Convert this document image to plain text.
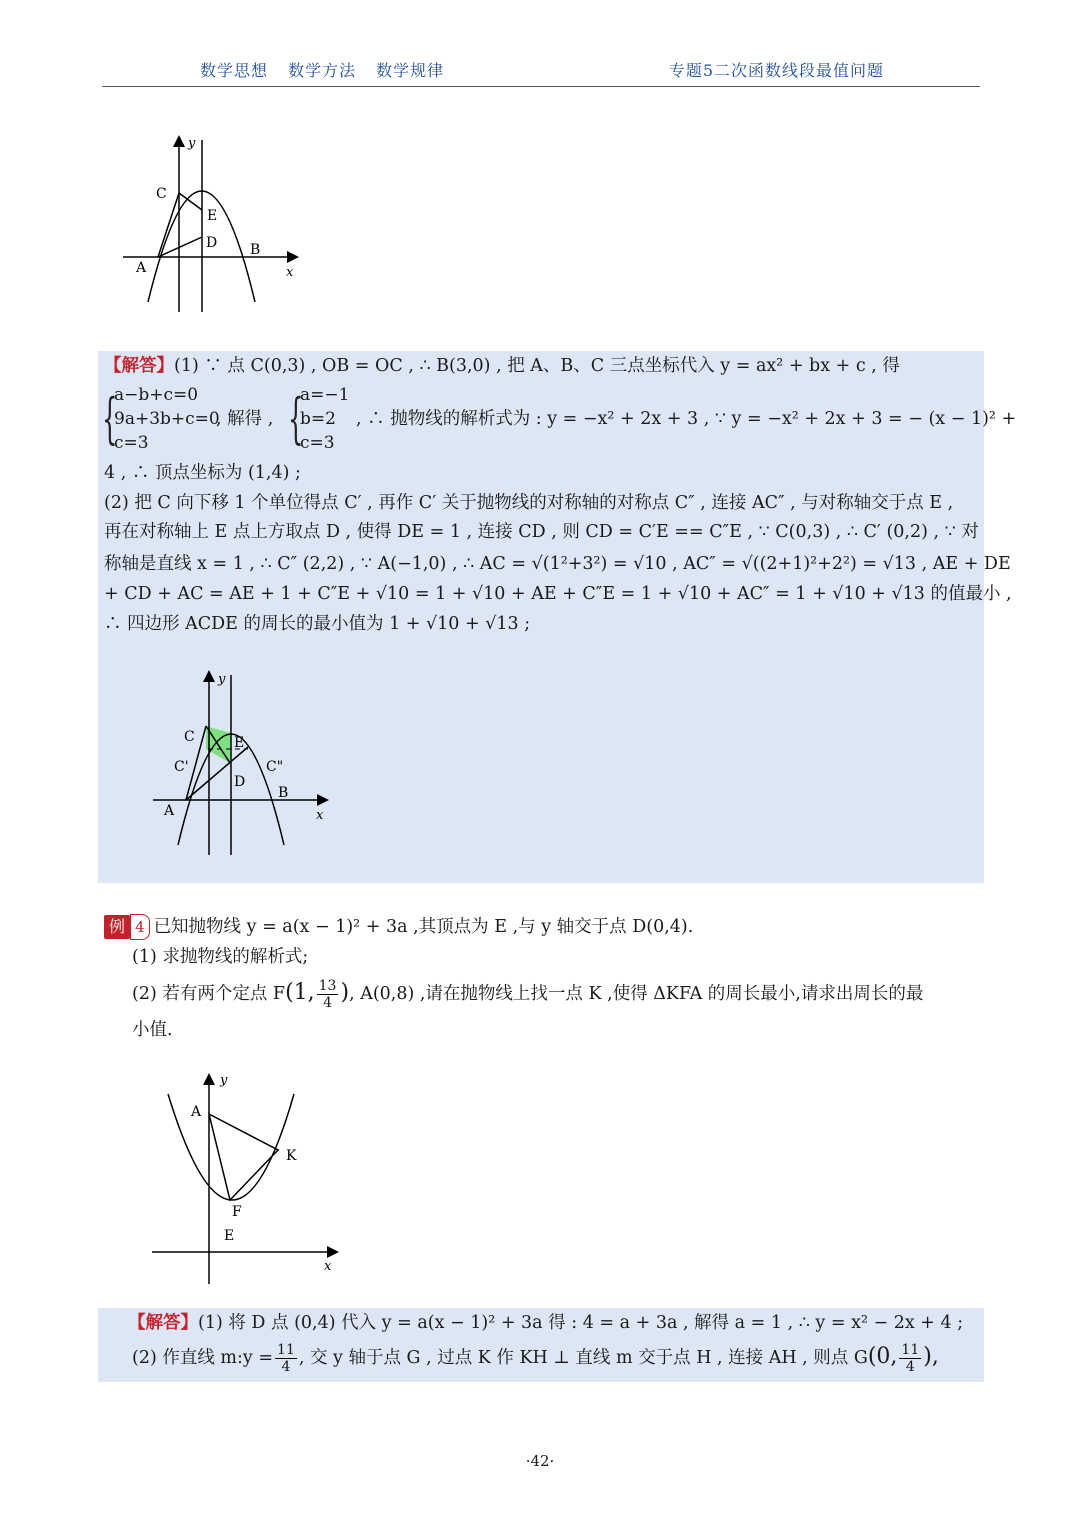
数学思想 数学方法 数学规律	专题5二次函数线段最值问题
y
x
A
B
C
D
E
【解答】(1) ∵ 点 C(0,3) , OB = OC , ∴ B(3,0) , 把 A、B、C 三点坐标代入 y = ax² + bx + c , 得
{
a−b+c=0
9a+3b+c=0
c=3
, 解得 , {
a=−1
b=2
c=3
, ∴ 抛物线的解析式为 : y = −x² + 2x + 3 , ∵ y = −x² + 2x + 3 = − (x − 1)² +
4 , ∴ 顶点坐标为 (1,4) ;
(2) 把 C 向下移 1 个单位得点 C′ , 再作 C′ 关于抛物线的对称轴的对称点 C″ , 连接 AC″ , 与对称轴交于点 E ,
再在对称轴上 E 点上方取点 D , 使得 DE = 1 , 连接 CD , 则 CD = C′E == C″E , ∵ C(0,3) , ∴ C′ (0,2) , ∵ 对
称轴是直线 x = 1 , ∴ C″ (2,2) , ∵ A(−1,0) , ∴ AC = √(1²+3²) = √10 , AC″ = √((2+1)²+2²) = √13 , AE + DE
+ CD + AC = AE + 1 + C″E + √10 = 1 + √10 + AE + C″E = 1 + √10 + AC″ = 1 + √10 + √13 的值最小 ,
∴ 四边形 ACDE 的周长的最小值为 1 + √10 + √13 ;
y
x
A
B
C
C'	C"
D
E
例 4 已知抛物线 y = a(x − 1)² + 3a ,其顶点为 E ,与 y 轴交于点 D(0,4).
(1) 求抛物线的解析式;
(2) 若有两个定点 F(1, $\frac{13}{4}$ ), A(0,8) ,请在抛物线上找一点 K ,使得 ΔKFA 的周长最小,请求出周长的最
小值.
y
x
A
K
F
E
【解答】(1) 将 D 点 (0,4) 代入 y = a(x − 1)² + 3a 得 : 4 = a + 3a , 解得 a = 1 , ∴ y = x² − 2x + 4 ;
(2) 作直线 m:y = $\frac{11}{4}$ , 交 y 轴于点 G , 过点 K 作 KH ⊥ 直线 m 交于点 H , 连接 AH , 则点 G(0, $\frac{11}{4}$ ),
·42·
